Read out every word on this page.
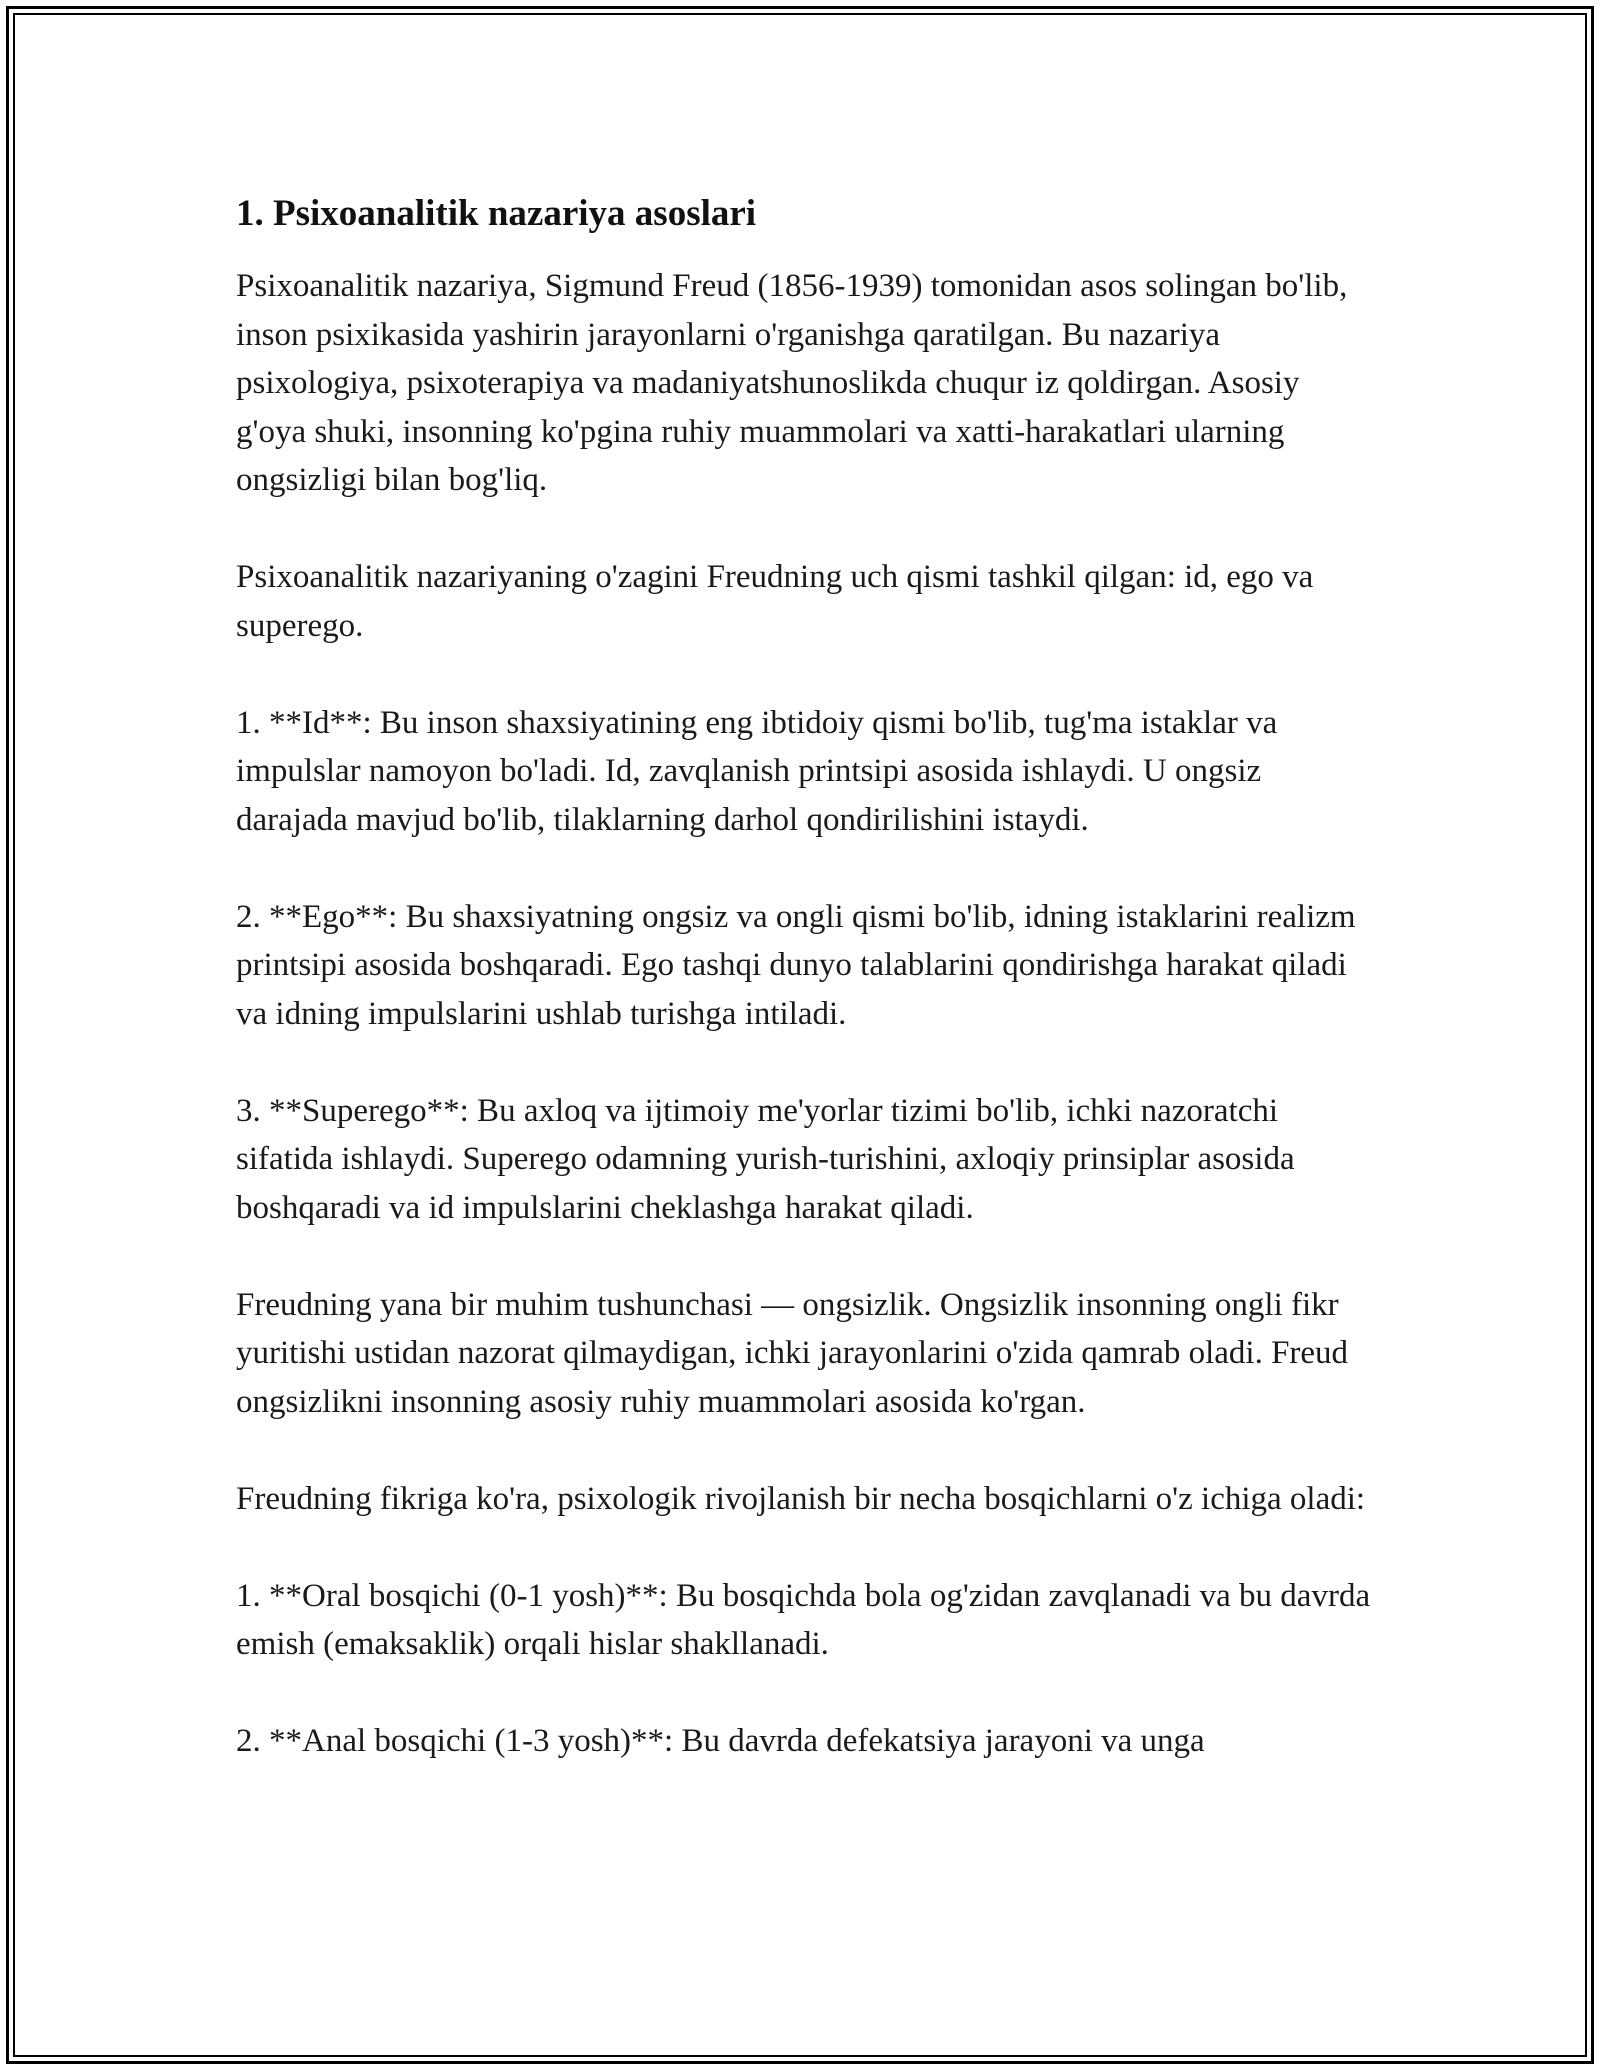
1. Psixoanalitik nazariya asoslari

Psixoanalitik nazariya, Sigmund Freud (1856-1939) tomonidan asos solingan bo'lib, inson psixikasida yashirin jarayonlarni o'rganishga qaratilgan. Bu nazariya psixologiya, psixoterapiya va madaniyatshunoslikda chuqur iz qoldirgan. Asosiy g'oya shuki, insonning ko'pgina ruhiy muammolari va xatti-harakatlari ularning ongsizligi bilan bog'liq.

Psixoanalitik nazariyaning o'zagini Freudning uch qismi tashkil qilgan: id, ego va superego.

1. **Id**: Bu inson shaxsiyatining eng ibtidoiy qismi bo'lib, tug'ma istaklar va impulslar namoyon bo'ladi. Id, zavqlanish printsipi asosida ishlaydi. U ongsiz darajada mavjud bo'lib, tilaklarning darhol qondirilishini istaydi.

2. **Ego**: Bu shaxsiyatning ongsiz va ongli qismi bo'lib, idning istaklarini realizm printsipi asosida boshqaradi. Ego tashqi dunyo talablarini qondirishga harakat qiladi va idning impulslarini ushlab turishga intiladi.

3. **Superego**: Bu axloq va ijtimoiy me'yorlar tizimi bo'lib, ichki nazoratchi sifatida ishlaydi. Superego odamning yurish-turishini, axloqiy prinsiplar asosida boshqaradi va id impulslarini cheklashga harakat qiladi.

Freudning yana bir muhim tushunchasi — ongsizlik. Ongsizlik insonning ongli fikr yuritishi ustidan nazorat qilmaydigan, ichki jarayonlarini o'zida qamrab oladi. Freud ongsizlikni insonning asosiy ruhiy muammolari asosida ko'rgan.

Freudning fikriga ko'ra, psixologik rivojlanish bir necha bosqichlarni o'z ichiga oladi:

1. **Oral bosqichi (0-1 yosh)**: Bu bosqichda bola og'zidan zavqlanadi va bu davrda emish (emaksaklik) orqali hislar shakllanadi.

2. **Anal bosqichi (1-3 yosh)**: Bu davrda defekatsiya jarayoni va unga
